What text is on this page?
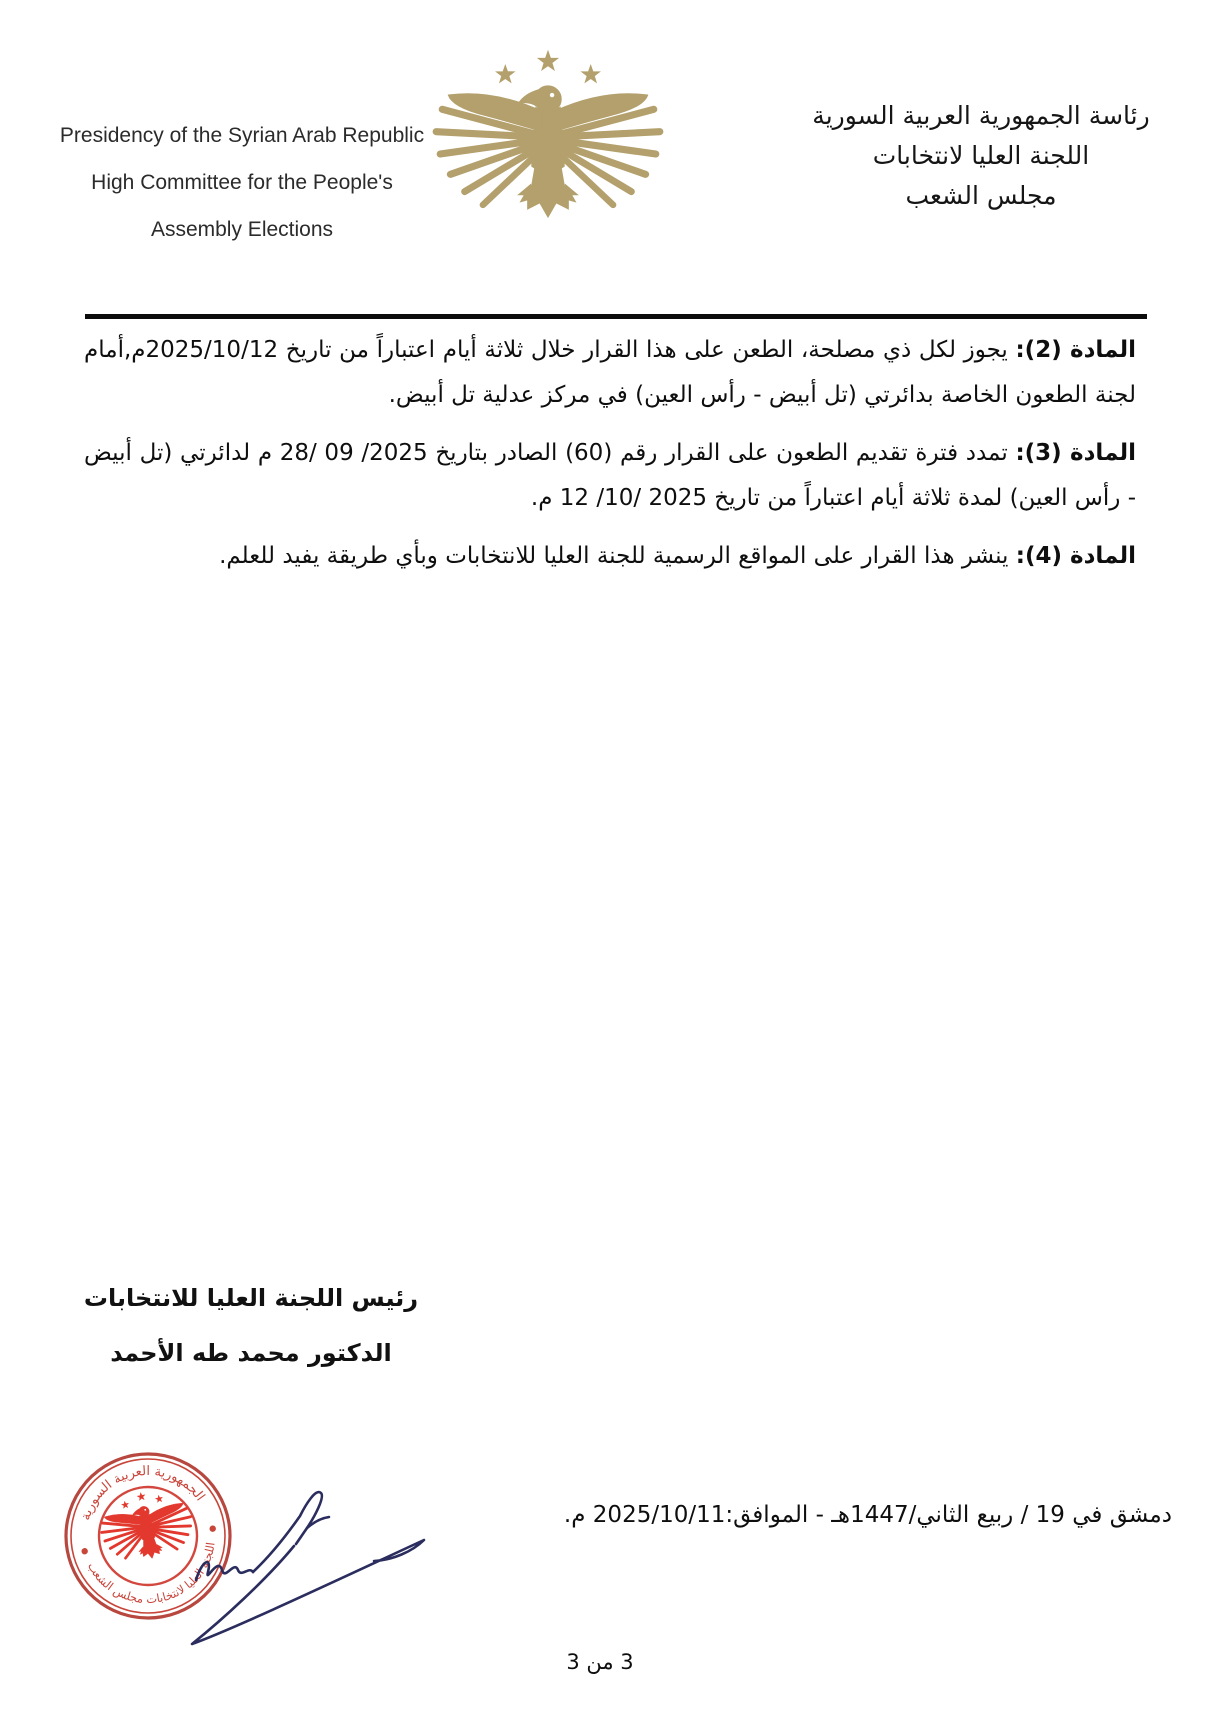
Presidency of the Syrian Arab Republic
High Committee for the People's
Assembly Elections
رئاسة الجمهورية العربية السورية
اللجنة العليا لانتخابات
مجلس الشعب

المادة (2): يجوز لكل ذي مصلحة، الطعن على هذا القرار خلال ثلاثة أيام اعتباراً من تاريخ 2025/10/12م,أمام لجنة الطعون الخاصة بدائرتي (تل أبيض - رأس العين) في مركز عدلية تل أبيض.

المادة (3): تمدد فترة تقديم الطعون على القرار رقم (60) الصادر بتاريخ ⁦28/ 09 /2025⁩ م لدائرتي (تل أبيض - رأس العين) لمدة ثلاثة أيام اعتباراً من تاريخ ⁦12 /10/ 2025⁩ م.

المادة (4): ينشر هذا القرار على المواقع الرسمية للجنة العليا للانتخابات وبأي طريقة يفيد للعلم.

رئيس اللجنة العليا للانتخابات
الدكتور محمد طه الأحمد
الجمهورية العربية السورية
اللجنة العليا لانتخابات مجلس الشعب
دمشق في 19 / ربيع الثاني/1447هـ - الموافق:2025/10/11 م.
3 من 3
